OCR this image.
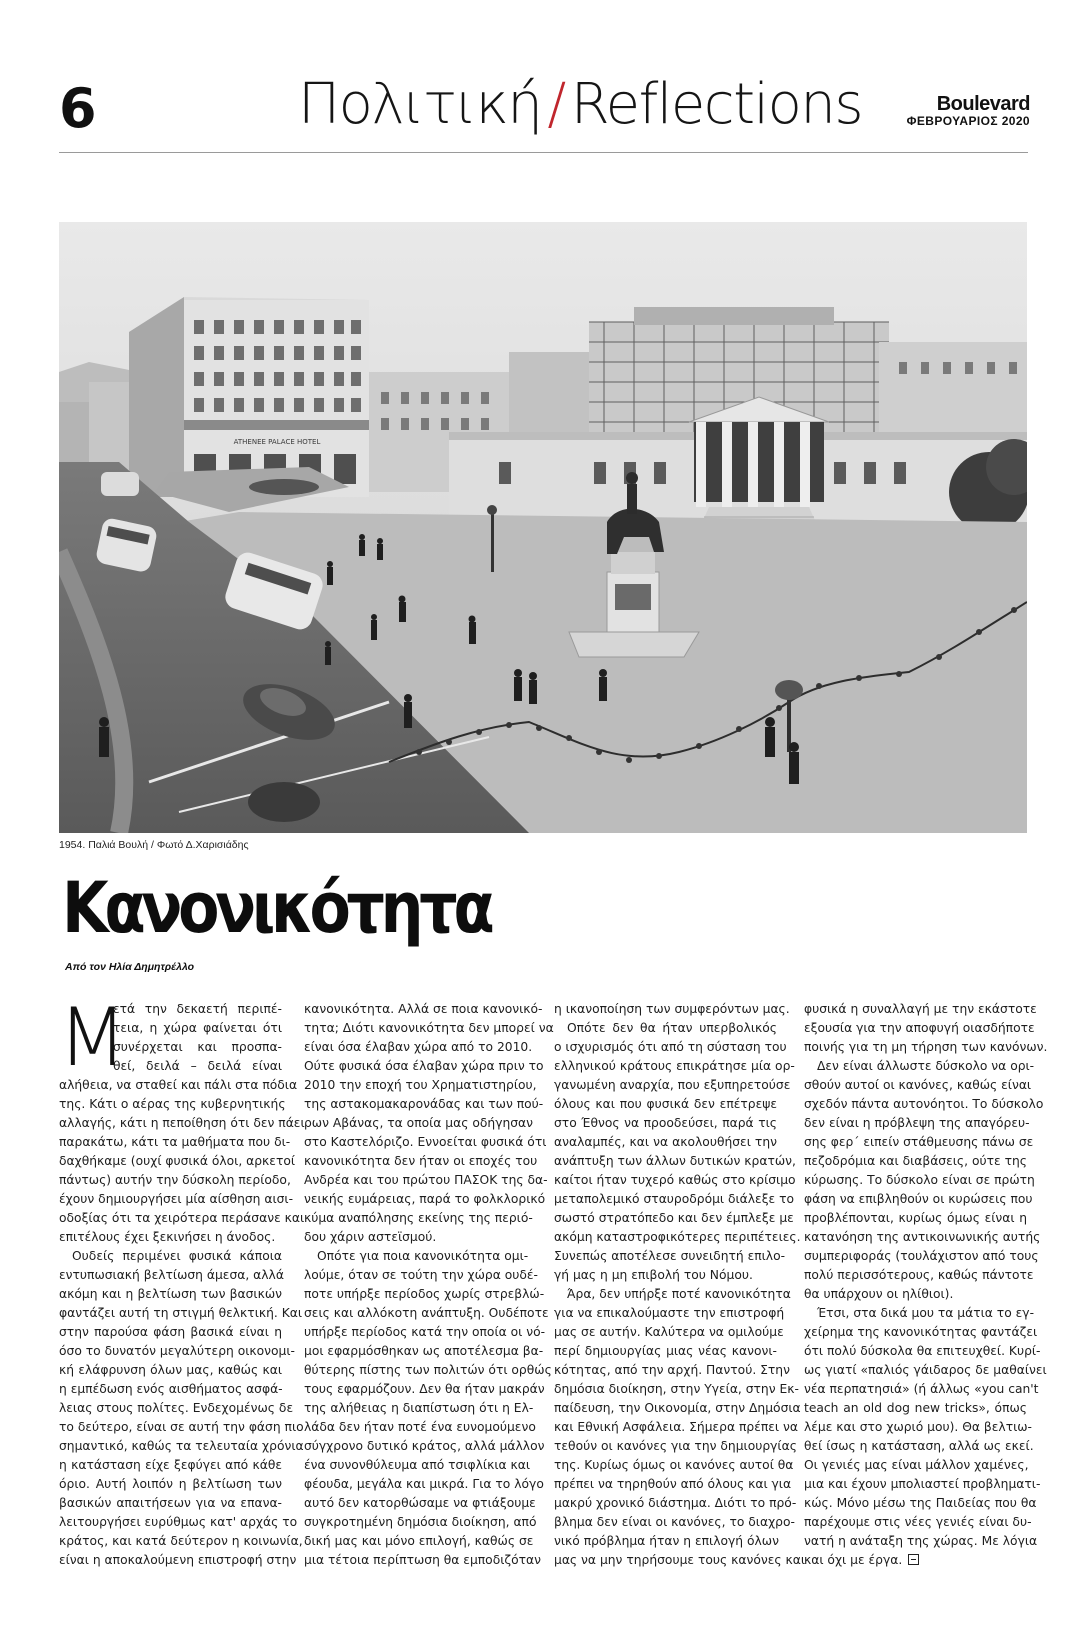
6	Πολιτική / Reflections	Boulevard
ΦΕΒΡΟΥΑΡΙΟΣ 2020
ATHENEE PALACE HOTEL

1954. Παλιά Βουλή / Φωτό Δ.Χαρισιάδης

Κανονικότητα

Από τον Ηλία Δημητρέλλο

Μ
ετά την δεκαετή περιπέ-
τεια, η χώρα φαίνεται ότι
συνέρχεται και προσπα-
θεί, δειλά – δειλά είναι
αλήθεια, να σταθεί και πάλι στα πόδια
της. Κάτι ο αέρας της κυβερνητικής
αλλαγής, κάτι η πεποίθηση ότι δεν πάει
παρακάτω, κάτι τα μαθήματα που δι-
δαχθήκαμε (ουχί φυσικά όλοι, αρκετοί
πάντως) αυτήν την δύσκολη περίοδο,
έχουν δημιουργήσει μία αίσθηση αισι-
οδοξίας ότι τα χειρότερα περάσανε και
επιτέλους έχει ξεκινήσει η άνοδος.
Ουδείς περιμένει φυσικά κάποια
εντυπωσιακή βελτίωση άμεσα, αλλά
ακόμη και η βελτίωση των βασικών
φαντάζει αυτή τη στιγμή θελκτική. Και
στην παρούσα φάση βασικά είναι η
όσο το δυνατόν μεγαλύτερη οικονομι-
κή ελάφρυνση όλων μας, καθώς και
η εμπέδωση ενός αισθήματος ασφά-
λειας στους πολίτες. Ενδεχομένως δε
το δεύτερο, είναι σε αυτή την φάση πιο
σημαντικό, καθώς τα τελευταία χρόνια
η κατάσταση είχε ξεφύγει από κάθε
όριο. Αυτή λοιπόν η βελτίωση των
βασικών απαιτήσεων για να επανα-
λειτουργήσει ευρύθμως κατ' αρχάς το
κράτος, και κατά δεύτερον η κοινωνία,
είναι η αποκαλούμενη επιστροφή στην
κανονικότητα. Αλλά σε ποια κανονικό-
τητα; Διότι κανονικότητα δεν μπορεί να
είναι όσα έλαβαν χώρα από το 2010.
Ούτε φυσικά όσα έλαβαν χώρα πριν το
2010 την εποχή του Χρηματιστηρίου,
της αστακομακαρονάδας και των πού-
ρων Αβάνας, τα οποία μας οδήγησαν
στο Καστελόριζο. Εννοείται φυσικά ότι
κανονικότητα δεν ήταν οι εποχές του
Ανδρέα και του πρώτου ΠΑΣΟΚ της δα-
νεικής ευμάρειας, παρά το φολκλορικό
κύμα αναπόλησης εκείνης της περιό-
δου χάριν αστεϊσμού.
Οπότε για ποια κανονικότητα ομι-
λούμε, όταν σε τούτη την χώρα ουδέ-
ποτε υπήρξε περίοδος χωρίς στρεβλώ-
σεις και αλλόκοτη ανάπτυξη. Ουδέποτε
υπήρξε περίοδος κατά την οποία οι νό-
μοι εφαρμόσθηκαν ως αποτέλεσμα βα-
θύτερης πίστης των πολιτών ότι ορθώς
τους εφαρμόζουν. Δεν θα ήταν μακράν
της αλήθειας η διαπίστωση ότι η Ελ-
λάδα δεν ήταν ποτέ ένα ευνομούμενο
σύγχρονο δυτικό κράτος, αλλά μάλλον
ένα συνονθύλευμα από τσιφλίκια και
φέουδα, μεγάλα και μικρά. Για το λόγο
αυτό δεν κατορθώσαμε να φτιάξουμε
συγκροτημένη δημόσια διοίκηση, από
δική μας και μόνο επιλογή, καθώς σε
μια τέτοια περίπτωση θα εμποδιζόταν
η ικανοποίηση των συμφερόντων μας.
Οπότε δεν θα ήταν υπερβολικός
ο ισχυρισμός ότι από τη σύσταση του
ελληνικού κράτους επικράτησε μία ορ-
γανωμένη αναρχία, που εξυπηρετούσε
όλους και που φυσικά δεν επέτρεψε
στο Έθνος να προοδεύσει, παρά τις
αναλαμπές, και να ακολουθήσει την
ανάπτυξη των άλλων δυτικών κρατών,
καίτοι ήταν τυχερό καθώς στο κρίσιμο
μεταπολεμικό σταυροδρόμι διάλεξε το
σωστό στρατόπεδο και δεν έμπλεξε με
ακόμη καταστροφικότερες περιπέτειες.
Συνεπώς αποτέλεσε συνειδητή επιλο-
γή μας η μη επιβολή του Νόμου.
Άρα, δεν υπήρξε ποτέ κανονικότητα
για να επικαλούμαστε την επιστροφή
μας σε αυτήν. Καλύτερα να ομιλούμε
περί δημιουργίας μιας νέας κανονι-
κότητας, από την αρχή. Παντού. Στην
δημόσια διοίκηση, στην Υγεία, στην Εκ-
παίδευση, την Οικονομία, στην Δημόσια
και Εθνική Ασφάλεια. Σήμερα πρέπει να
τεθούν οι κανόνες για την δημιουργίας
της. Κυρίως όμως οι κανόνες αυτοί θα
πρέπει να τηρηθούν από όλους και για
μακρύ χρονικό διάστημα. Διότι το πρό-
βλημα δεν είναι οι κανόνες, το διαχρο-
νικό πρόβλημα ήταν η επιλογή όλων
μας να μην τηρήσουμε τους κανόνες και
φυσικά η συναλλαγή με την εκάστοτε
εξουσία για την αποφυγή οιασδήποτε
ποινής για τη μη τήρηση των κανόνων.
Δεν είναι άλλωστε δύσκολο να ορι-
σθούν αυτοί οι κανόνες, καθώς είναι
σχεδόν πάντα αυτονόητοι. Το δύσκολο
δεν είναι η πρόβλεψη της απαγόρευ-
σης φερ΄ ειπείν στάθμευσης πάνω σε
πεζοδρόμια και διαβάσεις, ούτε της
κύρωσης. Το δύσκολο είναι σε πρώτη
φάση να επιβληθούν οι κυρώσεις που
προβλέπονται, κυρίως όμως είναι η
κατανόηση της αντικοινωνικής αυτής
συμπεριφοράς (τουλάχιστον από τους
πολύ περισσότερους, καθώς πάντοτε
θα υπάρχουν οι ηλίθιοι).
Έτσι, στα δικά μου τα μάτια το εγ-
χείρημα της κανονικότητας φαντάζει
ότι πολύ δύσκολα θα επιτευχθεί. Κυρί-
ως γιατί «παλιός γάιδαρος δε μαθαίνει
νέα περπατησιά» (ή άλλως «you can't
teach an old dog new tricks», όπως
λέμε και στο χωριό μου). Θα βελτιω-
θεί ίσως η κατάσταση, αλλά ως εκεί.
Οι γενιές μας είναι μάλλον χαμένες,
μια και έχουν μπολιαστεί προβληματι-
κώς. Μόνο μέσω της Παιδείας που θα
παρέχουμε στις νέες γενιές είναι δυ-
νατή η ανάταξη της χώρας. Με λόγια
και όχι με έργα.
